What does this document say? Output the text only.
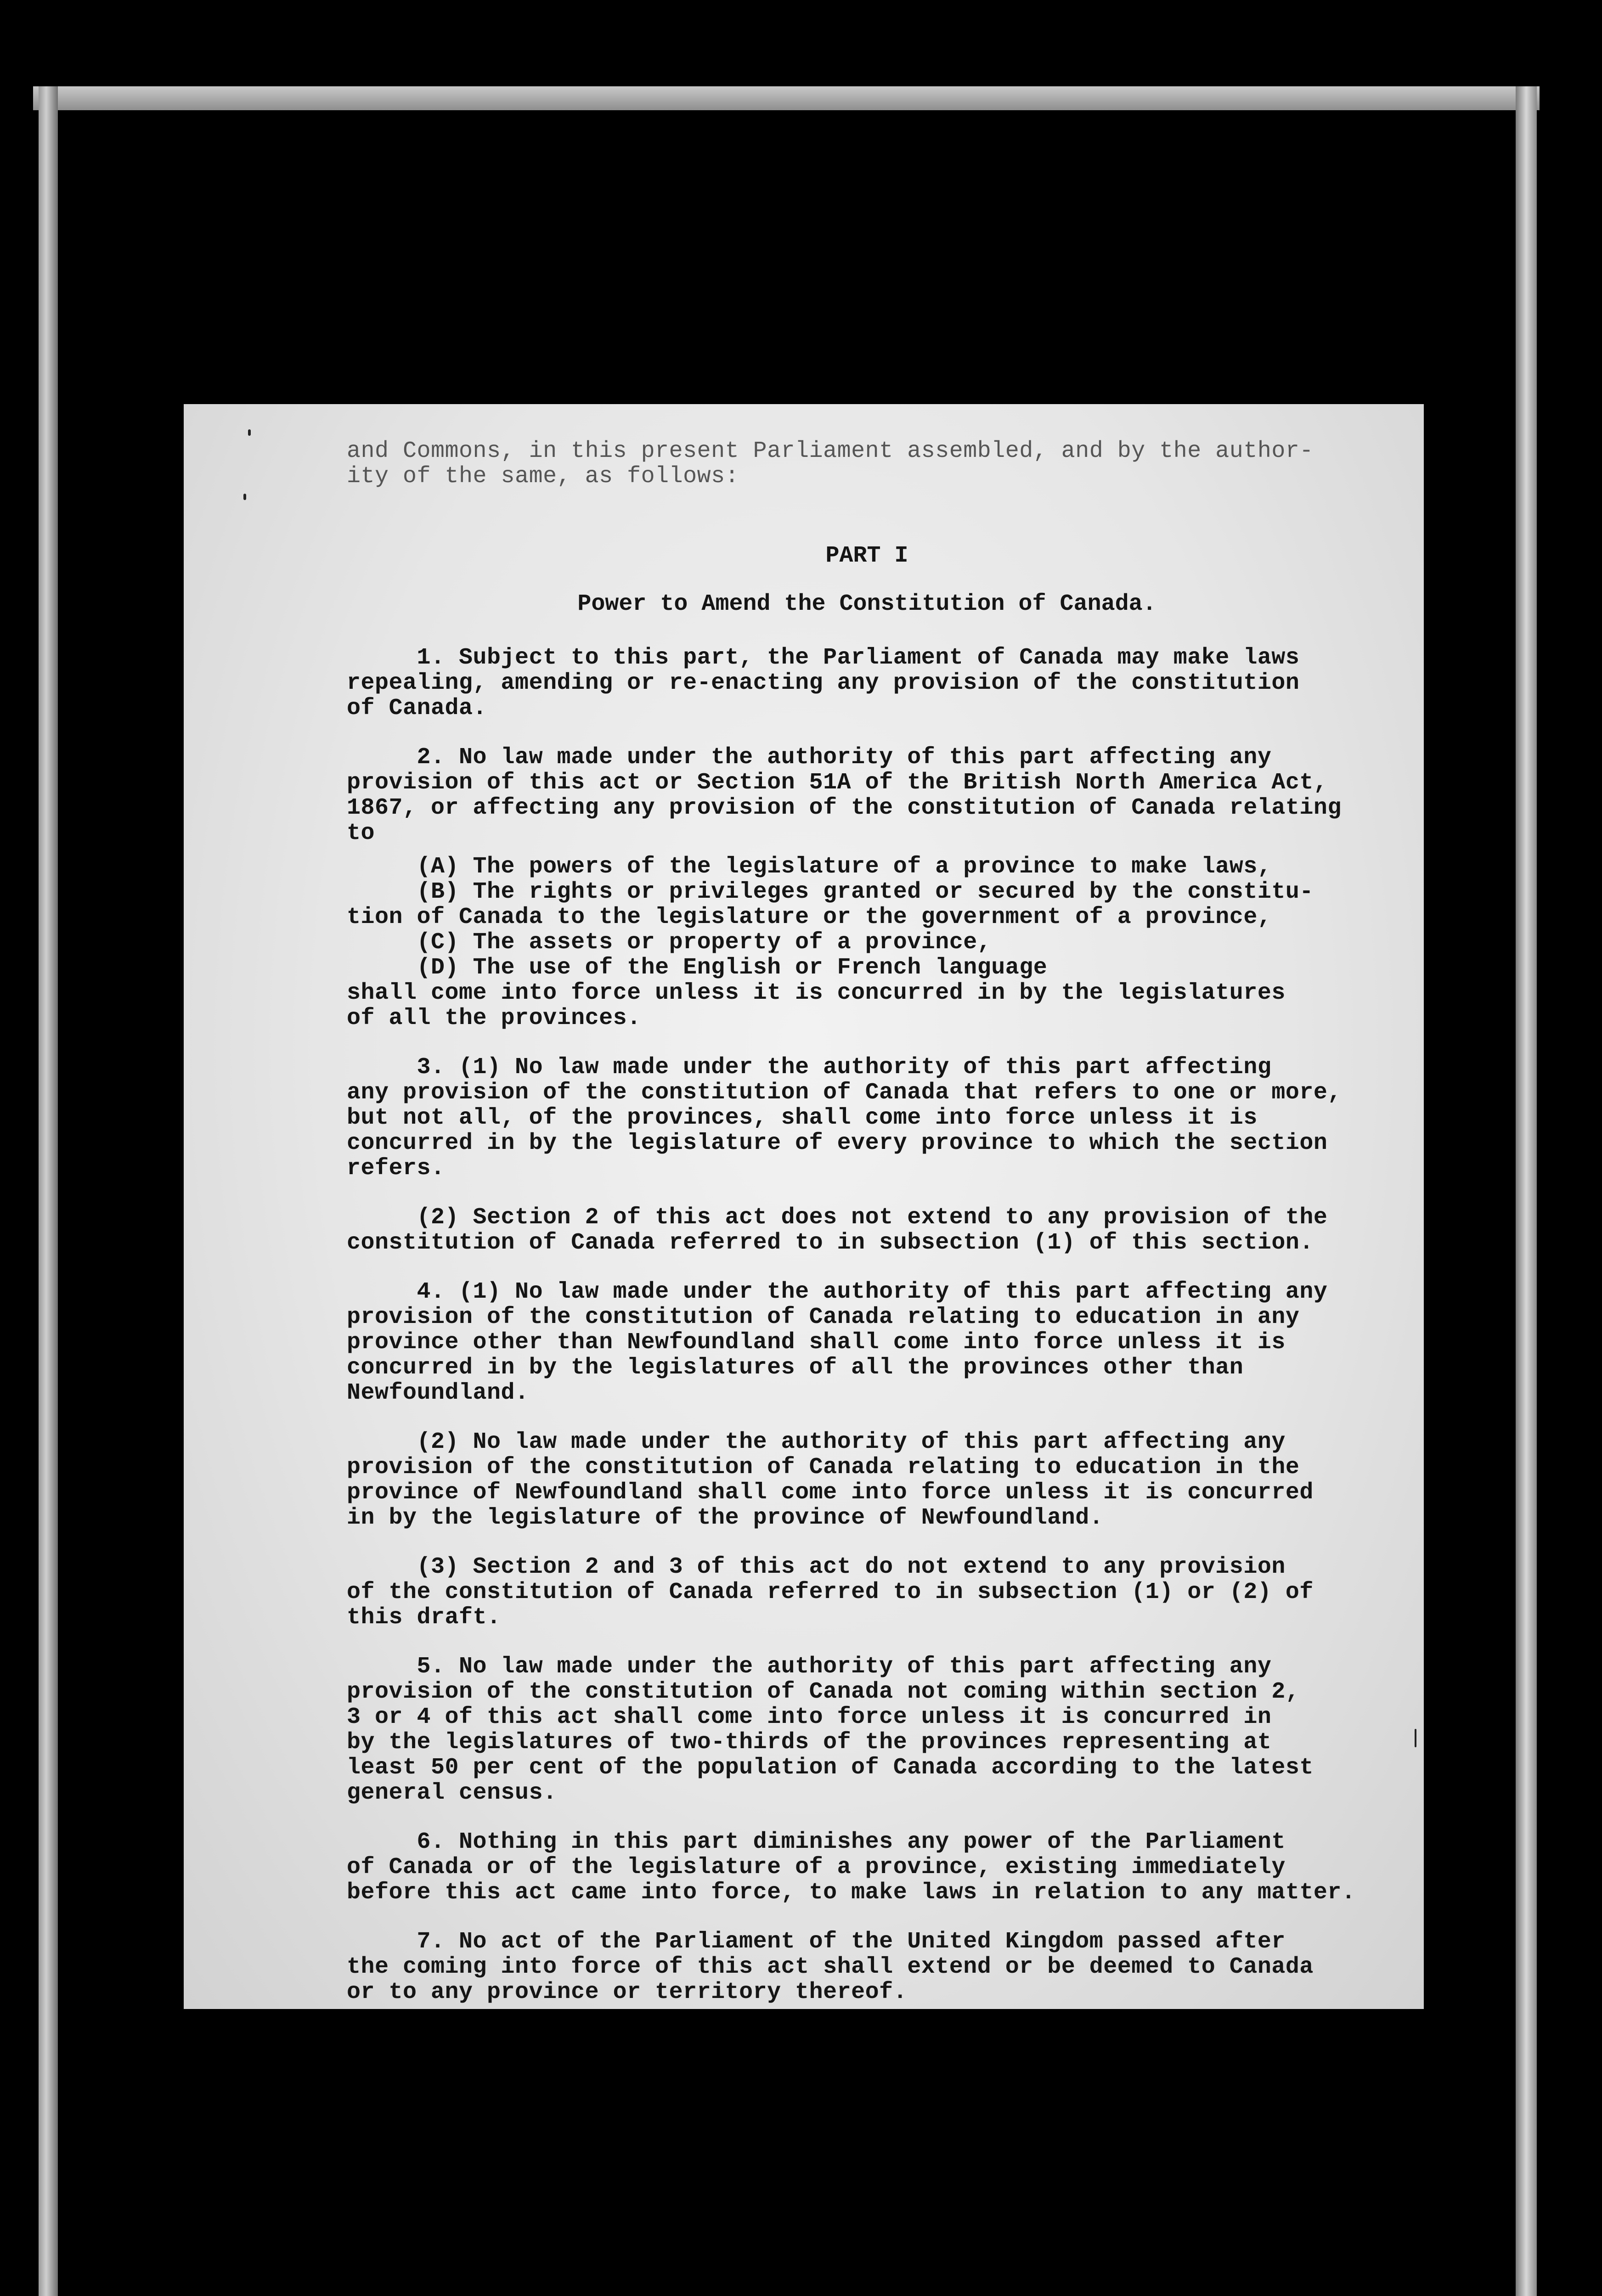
and Commons, in this present Parliament assembled, and by the author-
ity of the same, as follows:
PART I
Power to Amend the Constitution of Canada.
1. Subject to this part, the Parliament of Canada may make laws
repealing, amending or re-enacting any provision of the constitution
of Canada.
2. No law made under the authority of this part affecting any
provision of this act or Section 51A of the British North America Act,
1867, or affecting any provision of the constitution of Canada relating
to
(A) The powers of the legislature of a province to make laws,
(B) The rights or privileges granted or secured by the constitu-
tion of Canada to the legislature or the government of a province,
(C) The assets or property of a province,
(D) The use of the English or French language
shall come into force unless it is concurred in by the legislatures
of all the provinces.
3. (1) No law made under the authority of this part affecting
any provision of the constitution of Canada that refers to one or more,
but not all, of the provinces, shall come into force unless it is
concurred in by the legislature of every province to which the section
refers.
(2) Section 2 of this act does not extend to any provision of the
constitution of Canada referred to in subsection (1) of this section.
4. (1) No law made under the authority of this part affecting any
provision of the constitution of Canada relating to education in any
province other than Newfoundland shall come into force unless it is
concurred in by the legislatures of all the provinces other than
Newfoundland.
(2) No law made under the authority of this part affecting any
provision of the constitution of Canada relating to education in the
province of Newfoundland shall come into force unless it is concurred
in by the legislature of the province of Newfoundland.
(3) Section 2 and 3 of this act do not extend to any provision
of the constitution of Canada referred to in subsection (1) or (2) of
this draft.
5. No law made under the authority of this part affecting any
provision of the constitution of Canada not coming within section 2,
3 or 4 of this act shall come into force unless it is concurred in
by the legislatures of two-thirds of the provinces representing at
least 50 per cent of the population of Canada according to the latest
general census.
6. Nothing in this part diminishes any power of the Parliament
of Canada or of the legislature of a province, existing immediately
before this act came into force, to make laws in relation to any matter.
7. No act of the Parliament of the United Kingdom passed after
the coming into force of this act shall extend or be deemed to Canada
or to any province or territory thereof.
